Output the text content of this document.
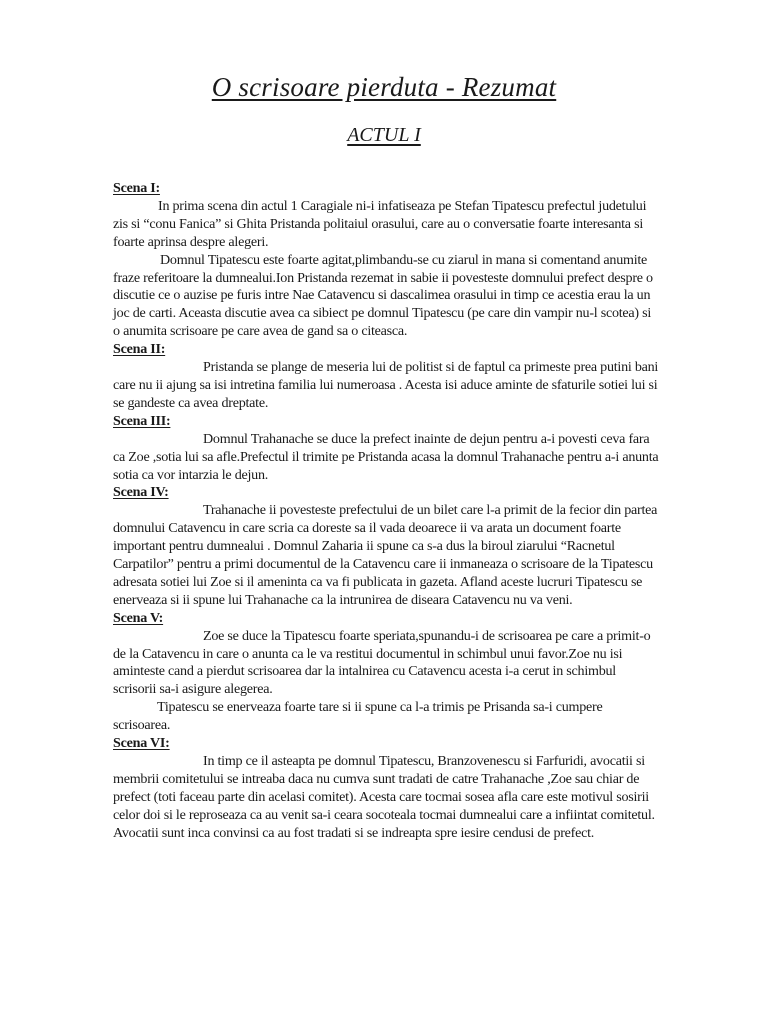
O scrisoare pierduta - Rezumat
ACTUL I

Scena I:

In prima scena din actul 1 Caragiale ni-i infatiseaza pe Stefan Tipatescu prefectul judetului zis si “conu Fanica” si Ghita Pristanda politaiul orasului, care au o conversatie foarte interesanta si foarte aprinsa despre alegeri.

Domnul Tipatescu este foarte agitat,plimbandu-se cu ziarul in mana si comentand anumite fraze referitoare la dumnealui.Ion Pristanda rezemat in sabie ii povesteste domnului prefect despre o discutie ce o auzise pe furis intre Nae Catavencu si dascalimea orasului in timp ce acestia erau la un joc de carti. Aceasta discutie avea ca sibiect pe domnul Tipatescu (pe care din vampir nu-l scotea) si o anumita scrisoare pe care avea de gand sa o citeasca.

Scena II:

Pristanda se plange de meseria lui de politist si de faptul ca primeste prea putini bani care nu ii ajung sa isi intretina familia lui numeroasa . Acesta isi aduce aminte de sfaturile sotiei lui si se gandeste ca avea dreptate.

Scena III:

Domnul Trahanache se duce la prefect inainte de dejun pentru a-i povesti ceva fara ca Zoe ,sotia lui sa afle.Prefectul il trimite pe Pristanda acasa la domnul Trahanache pentru a-i anunta sotia ca vor intarzia le dejun.

Scena IV:

Trahanache ii povesteste prefectului de un bilet care l-a primit de la fecior din partea domnului Catavencu in care scria ca doreste sa il vada deoarece ii va arata un document foarte important pentru dumnealui . Domnul Zaharia ii spune ca s-a dus la biroul ziarului “Racnetul Carpatilor” pentru a primi documentul de la Catavencu care ii inmaneaza o scrisoare de la Tipatescu adresata sotiei lui Zoe si il ameninta ca va fi publicata in gazeta. Afland aceste lucruri Tipatescu se enerveaza si ii spune lui Trahanache ca la intrunirea de diseara Catavencu nu va veni.

Scena V:

Zoe se duce la Tipatescu foarte speriata,spunandu-i de scrisoarea pe care a primit-o de la Catavencu in care o anunta ca le va restitui documentul in schimbul unui favor.Zoe nu isi aminteste cand a pierdut scrisoarea dar la intalnirea cu Catavencu acesta i-a cerut in schimbul scrisorii sa-i asigure alegerea.

Tipatescu se enerveaza foarte tare si ii spune ca l-a trimis pe Prisanda sa-i cumpere scrisoarea.

Scena VI:

In timp ce il asteapta pe domnul Tipatescu, Branzovenescu si Farfuridi, avocatii si membrii comitetului se intreaba daca nu cumva sunt tradati de catre Trahanache ,Zoe sau chiar de prefect (toti faceau parte din acelasi comitet). Acesta care tocmai sosea afla care este motivul sosirii celor doi si le reproseaza ca au venit sa-i ceara socoteala tocmai dumnealui care a infiintat comitetul. Avocatii sunt inca convinsi ca au fost tradati si se indreapta spre iesire cendusi de prefect.
